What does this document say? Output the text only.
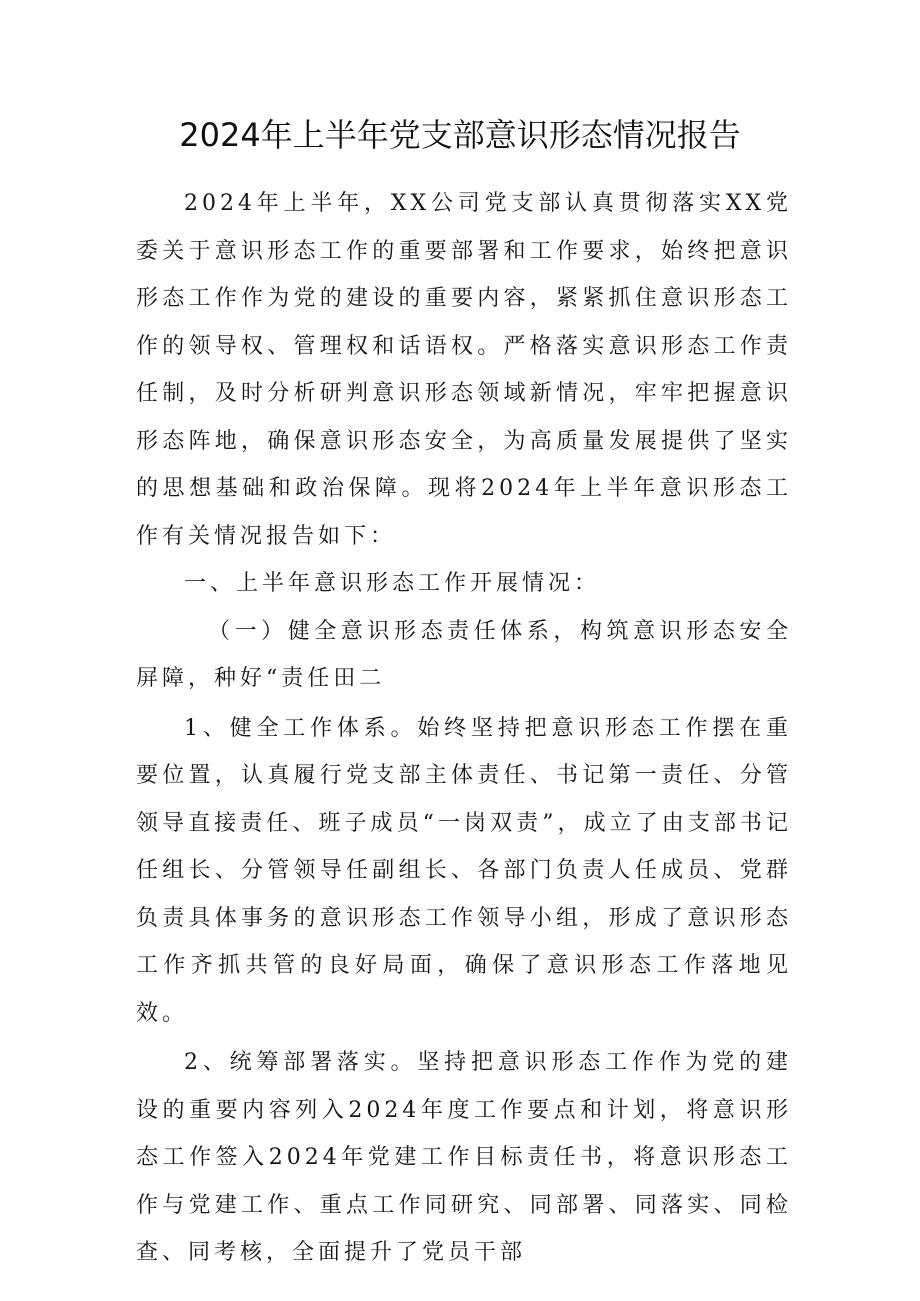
2024年上半年党支部意识形态情况报告

2024年上半年，XX公司党支部认真贯彻落实XX党委关于意识形态工作的重要部署和工作要求，始终把意识形态工作作为党的建设的重要内容，紧紧抓住意识形态工作的领导权、管理权和话语权。严格落实意识形态工作责任制，及时分析研判意识形态领域新情况，牢牢把握意识形态阵地，确保意识形态安全，为高质量发展提供了坚实的思想基础和政治保障。现将2024年上半年意识形态工作有关情况报告如下：

一、上半年意识形态工作开展情况：

（一）健全意识形态责任体系，构筑意识形态安全屏障，种好“责任田二

1、健全工作体系。始终坚持把意识形态工作摆在重要位置，认真履行党支部主体责任、书记第一责任、分管领导直接责任、班子成员“一岗双责”，成立了由支部书记任组长、分管领导任副组长、各部门负责人任成员、党群负责具体事务的意识形态工作领导小组，形成了意识形态工作齐抓共管的良好局面，确保了意识形态工作落地见效。

2、统筹部署落实。坚持把意识形态工作作为党的建设的重要内容列入2024年度工作要点和计划，将意识形态工作签入2024年党建工作目标责任书，将意识形态工作与党建工作、重点工作同研究、同部署、同落实、同检查、同考核，全面提升了党员干部
